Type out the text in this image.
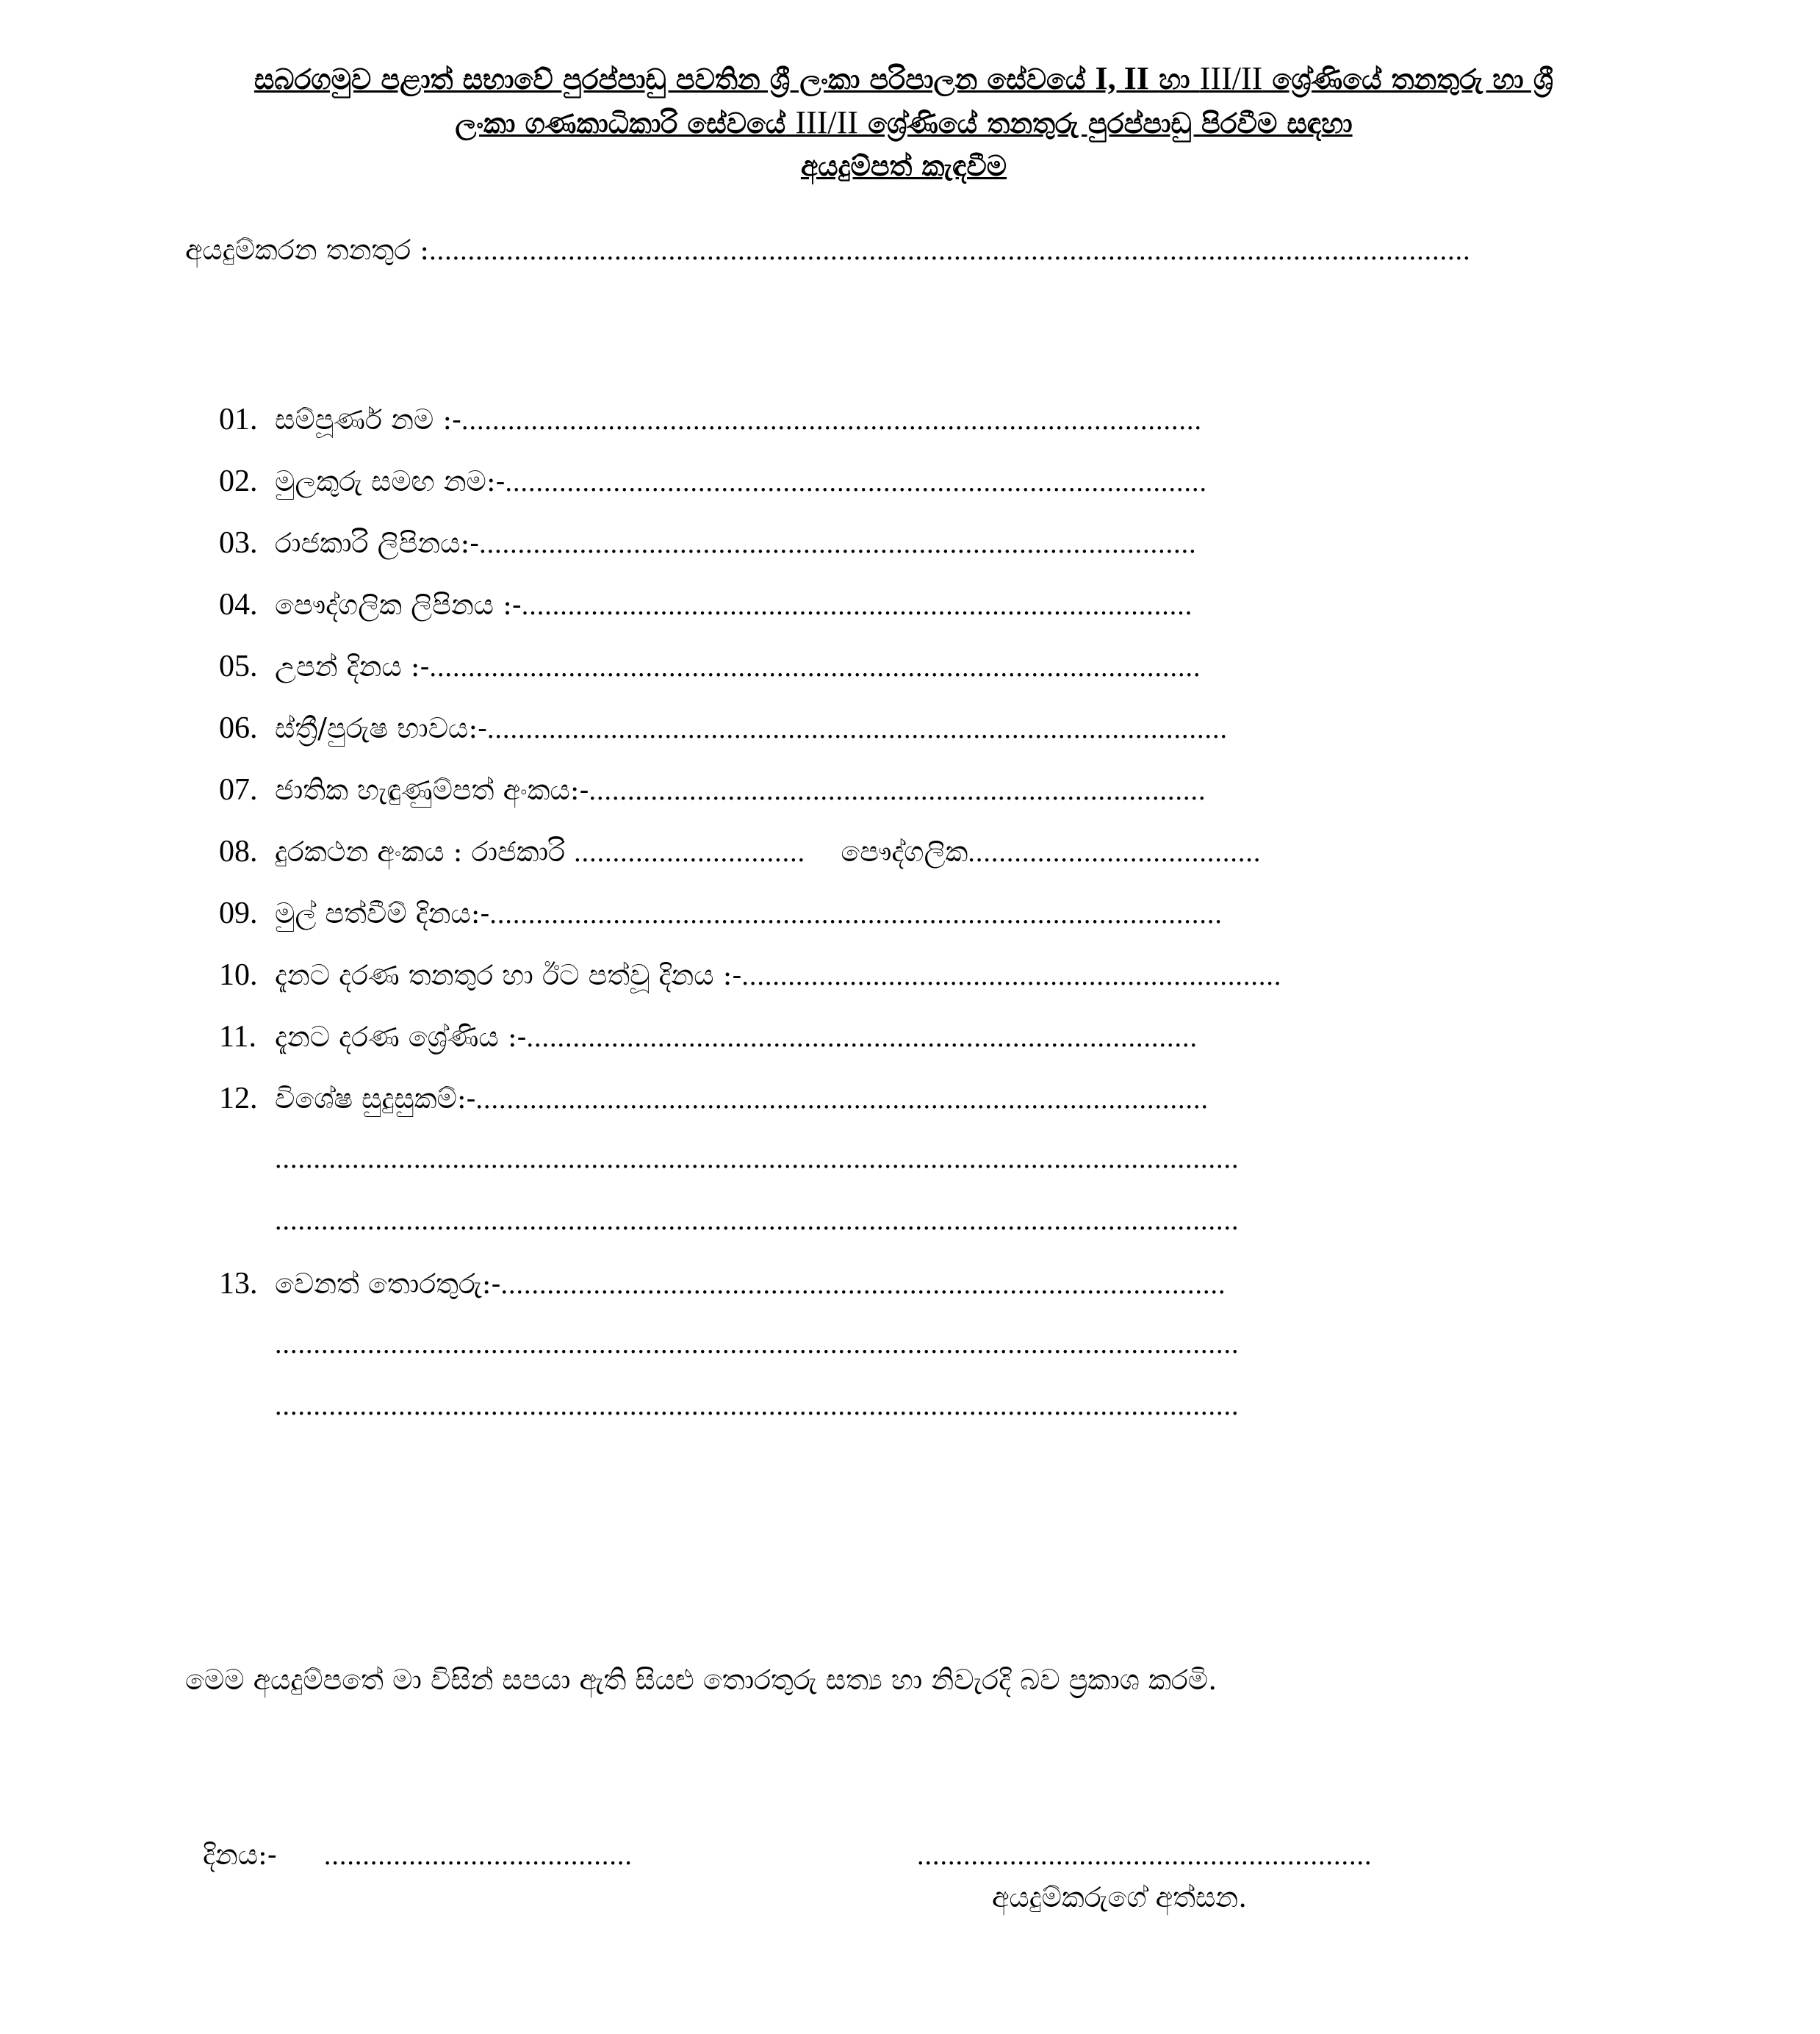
සබරගමුව පළාත් සභාවේ පුරප්පාඩු පවතින ශ්‍රී ලංකා පරිපාලන සේවයේ I, II හා III/II ශ්‍රේණියේ තනතුරු හා ශ්‍රී
ලංකා ගණකාධිකාරි සේවයේ III/II ශ්‍රේණියේ තනතුරු පුරප්පාඩු පිරවීම සඳහා
අයදුම්පත් කැඳවීම
අයදුම්කරන තනතුර :.......................................................................................................................................
01. සම්පූර්ණ නම :-................................................................................................
02. මුලකුරු සමඟ නම:-...........................................................................................
03. රාජකාරි ලිපිනය:-.............................................................................................
04. පෞද්ගලික ලිපිනය :-.......................................................................................
05. උපන් දිනය :-....................................................................................................
06. ස්ත්‍රී/පුරුෂ භාවය:-................................................................................................
07. ජාතික හැඳුණුම්පත් අංකය:-................................................................................
08. දුරකථන අංකය : රාජකාරි .............................. පෞද්ගලික......................................
09. මුල් පත්වීම් දිනය:-...............................................................................................
10. දැනට දරණ තනතුර හා ඊට පත්වූ දිනය :-......................................................................
11. දැනට දරණ ශ්‍රේණිය :-.......................................................................................
12. විශේෂ සුදුසුකම්:-...............................................................................................
.............................................................................................................................
.............................................................................................................................
13. වෙනත් තොරතුරු:-..............................................................................................
.............................................................................................................................
.............................................................................................................................
මෙම අයදුම්පතේ මා විසින් සපයා ඇති සියළු තොරතුරු සත්‍ය හා නිවැරදි බව ප්‍රකාශ කරමි.
දිනය:- ........................................	...........................................................
අයදුම්කරුගේ අත්සන.
